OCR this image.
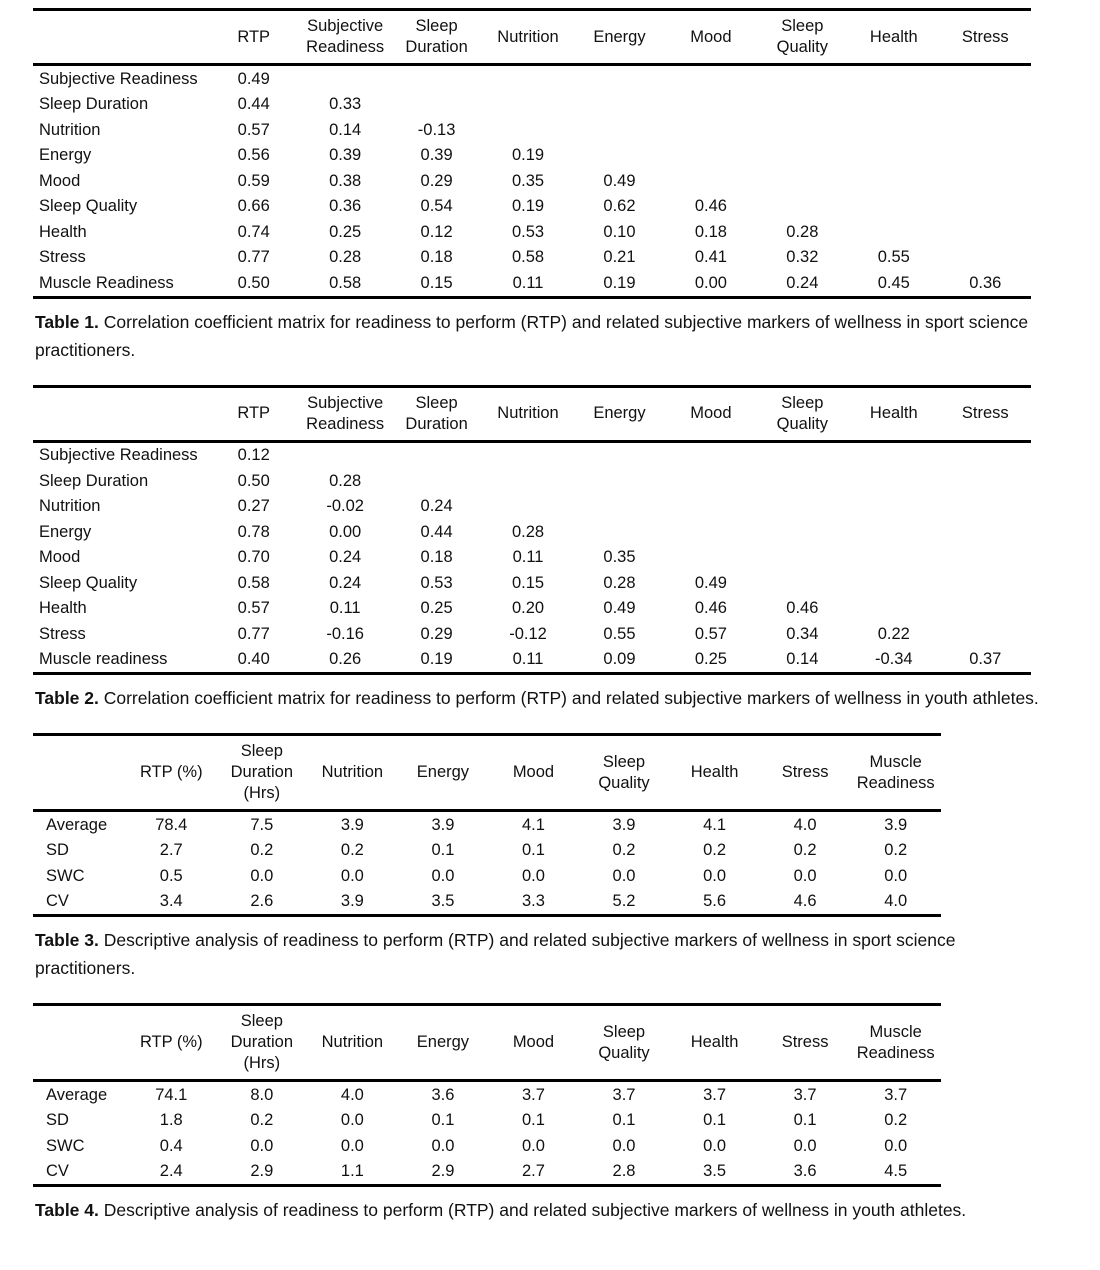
	RTP	Subjective Readiness	Sleep Duration	Nutrition	Energy	Mood	Sleep Quality	Health	Stress
Subjective Readiness	0.49								
Sleep Duration	0.44	0.33							
Nutrition	0.57	0.14	-0.13						
Energy	0.56	0.39	0.39	0.19					
Mood	0.59	0.38	0.29	0.35	0.49				
Sleep Quality	0.66	0.36	0.54	0.19	0.62	0.46			
Health	0.74	0.25	0.12	0.53	0.10	0.18	0.28		
Stress	0.77	0.28	0.18	0.58	0.21	0.41	0.32	0.55	
Muscle Readiness	0.50	0.58	0.15	0.11	0.19	0.00	0.24	0.45	0.36

Table 1. Correlation coefficient matrix for readiness to perform (RTP) and related subjective markers of wellness in sport science practitioners.

	RTP	Subjective Readiness	Sleep Duration	Nutrition	Energy	Mood	Sleep Quality	Health	Stress
Subjective Readiness	0.12								
Sleep Duration	0.50	0.28							
Nutrition	0.27	-0.02	0.24						
Energy	0.78	0.00	0.44	0.28					
Mood	0.70	0.24	0.18	0.11	0.35				
Sleep Quality	0.58	0.24	0.53	0.15	0.28	0.49			
Health	0.57	0.11	0.25	0.20	0.49	0.46	0.46		
Stress	0.77	-0.16	0.29	-0.12	0.55	0.57	0.34	0.22	
Muscle readiness	0.40	0.26	0.19	0.11	0.09	0.25	0.14	-0.34	0.37

Table 2. Correlation coefficient matrix for readiness to perform (RTP) and related subjective markers of wellness in youth athletes.

	RTP (%)	Sleep Duration (Hrs)	Nutrition	Energy	Mood	Sleep Quality	Health	Stress	Muscle Readiness
Average	78.4	7.5	3.9	3.9	4.1	3.9	4.1	4.0	3.9
SD	2.7	0.2	0.2	0.1	0.1	0.2	0.2	0.2	0.2
SWC	0.5	0.0	0.0	0.0	0.0	0.0	0.0	0.0	0.0
CV	3.4	2.6	3.9	3.5	3.3	5.2	5.6	4.6	4.0

Table 3. Descriptive analysis of readiness to perform (RTP) and related subjective markers of wellness in sport science practitioners.

	RTP (%)	Sleep Duration (Hrs)	Nutrition	Energy	Mood	Sleep Quality	Health	Stress	Muscle Readiness
Average	74.1	8.0	4.0	3.6	3.7	3.7	3.7	3.7	3.7
SD	1.8	0.2	0.0	0.1	0.1	0.1	0.1	0.1	0.2
SWC	0.4	0.0	0.0	0.0	0.0	0.0	0.0	0.0	0.0
CV	2.4	2.9	1.1	2.9	2.7	2.8	3.5	3.6	4.5

Table 4. Descriptive analysis of readiness to perform (RTP) and related subjective markers of wellness in youth athletes.
